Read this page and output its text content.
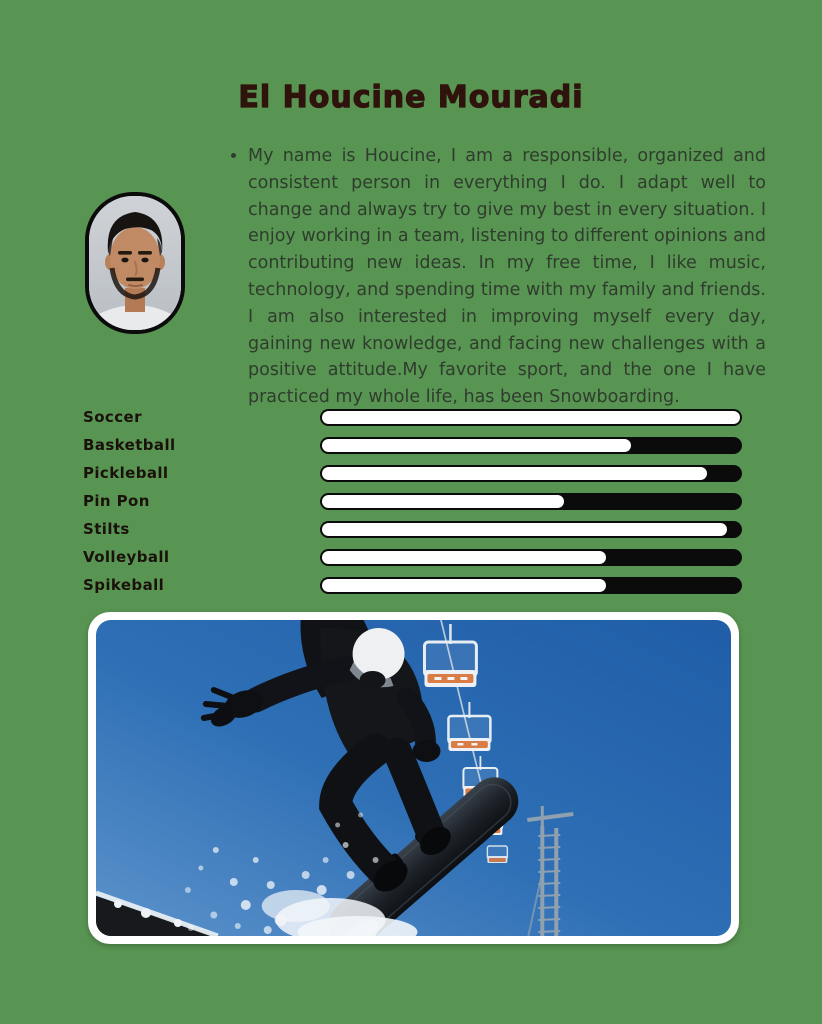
El Houcine Mouradi
• My name is Houcine, I am a responsible, organized and consistent person in everything I do. I adapt well to change and always try to give my best in every situation. I enjoy working in a team, listening to different opinions and contributing new ideas. In my free time, I like music, technology, and spending time with my family and friends. I am also interested in improving myself every day, gaining new knowledge, and facing new challenges with a positive attitude.My favorite sport, and the one I have practiced my whole life, has been Snowboarding.
Soccer
Basketball
Pickleball
Pin Pon
Stilts
Volleyball
Spikeball
